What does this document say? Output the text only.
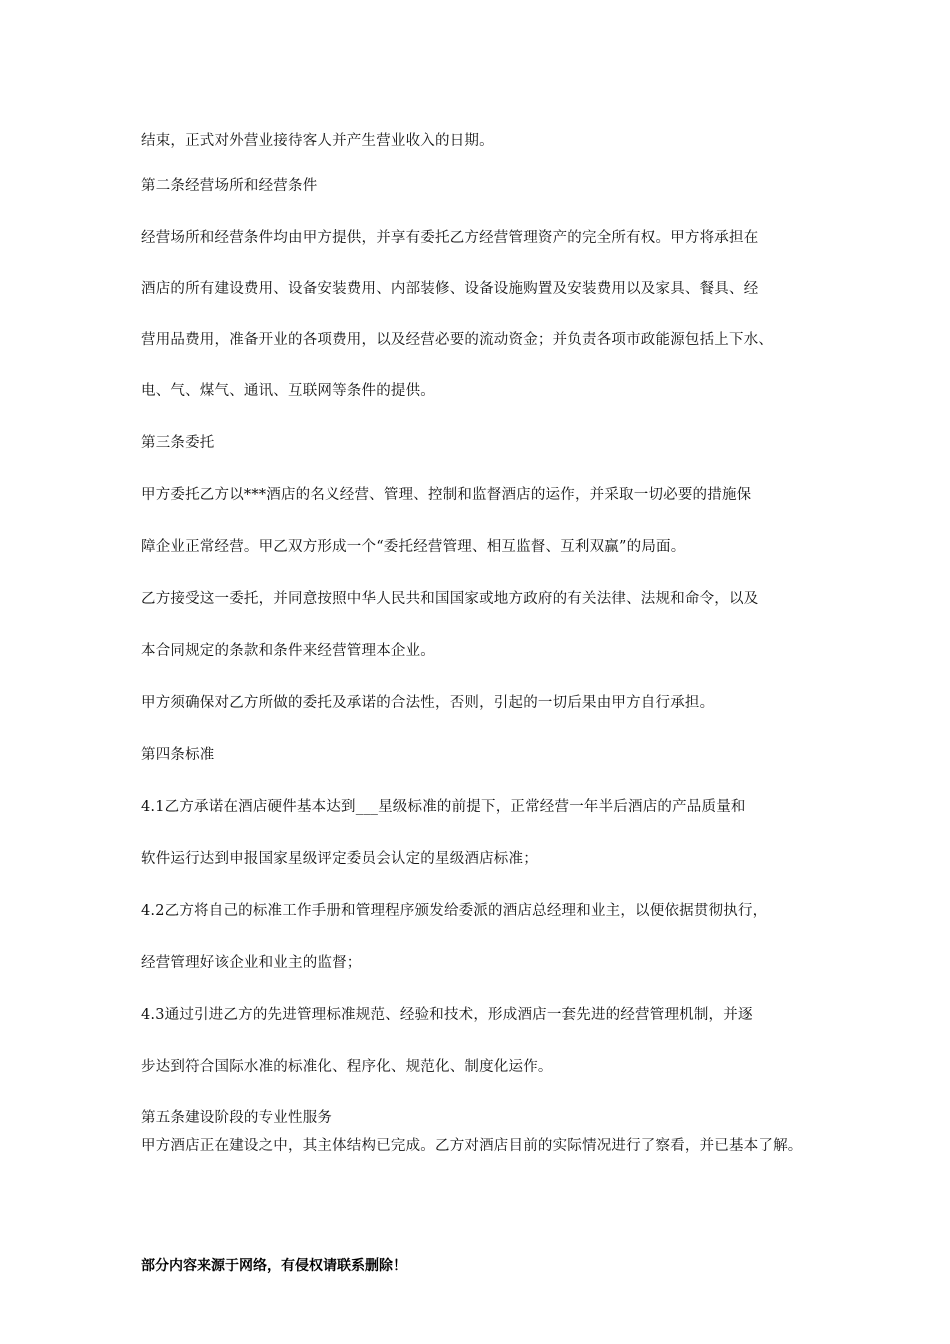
结束，正式对外营业接待客人并产生营业收入的日期。
第二条经营场所和经营条件
经营场所和经营条件均由甲方提供，并享有委托乙方经营管理资产的完全所有权。甲方将承担在
酒店的所有建设费用、设备安装费用、内部装修、设备设施购置及安装费用以及家具、餐具、经
营用品费用，准备开业的各项费用，以及经营必要的流动资金；并负责各项市政能源包括上下水、
电、气、煤气、通讯、互联网等条件的提供。
第三条委托
甲方委托乙方以***酒店的名义经营、管理、控制和监督酒店的运作，并采取一切必要的措施保
障企业正常经营。甲乙双方形成一个“委托经营管理、相互监督、互利双赢”的局面。
乙方接受这一委托，并同意按照中华人民共和国国家或地方政府的有关法律、法规和命令，以及
本合同规定的条款和条件来经营管理本企业。
甲方须确保对乙方所做的委托及承诺的合法性，否则，引起的一切后果由甲方自行承担。
第四条标准
4.1乙方承诺在酒店硬件基本达到___星级标准的前提下，正常经营一年半后酒店的产品质量和
软件运行达到申报国家星级评定委员会认定的星级酒店标准；
4.2乙方将自己的标准工作手册和管理程序颁发给委派的酒店总经理和业主，以便依据贯彻执行，
经营管理好该企业和业主的监督；
4.3通过引进乙方的先进管理标准规范、经验和技术，形成酒店一套先进的经营管理机制，并逐
步达到符合国际水准的标准化、程序化、规范化、制度化运作。
第五条建设阶段的专业性服务
甲方酒店正在建设之中，其主体结构已完成。乙方对酒店目前的实际情况进行了察看，并已基本了解。
部分内容来源于网络，有侵权请联系删除！
